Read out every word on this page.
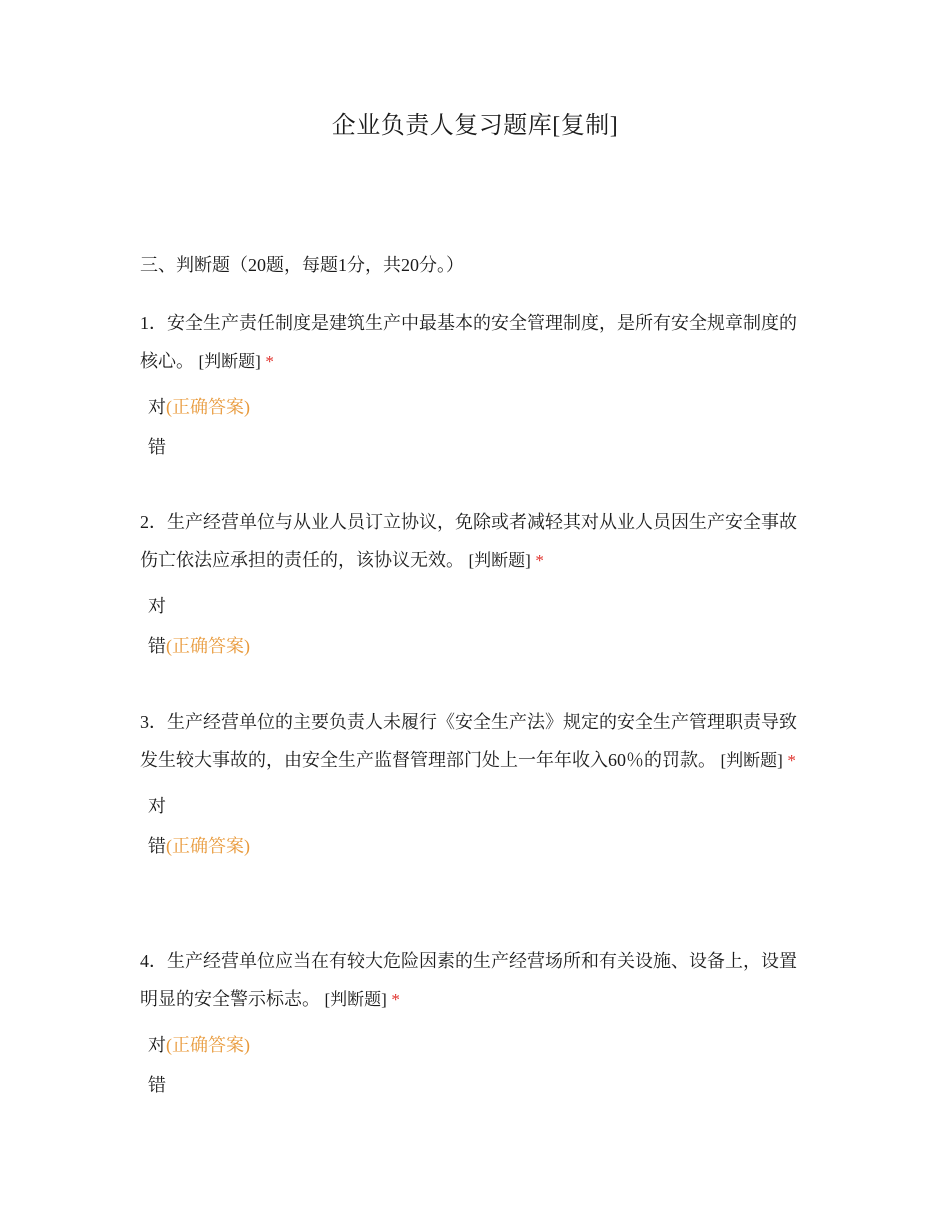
企业负责人复习题库[复制]
三、判断题（20题，每题1分，共20分。）

1．安全生产责任制度是建筑生产中最基本的安全管理制度，是所有安全规章制度的核心。 [判断题] *

对(正确答案)
错

2．生产经营单位与从业人员订立协议，免除或者减轻其对从业人员因生产安全事故伤亡依法应承担的责任的，该协议无效。 [判断题] *

对
错(正确答案)

3．生产经营单位的主要负责人未履行《安全生产法》规定的安全生产管理职责导致发生较大事故的，由安全生产监督管理部门处上一年年收入60％的罚款。 [判断题] *

对
错(正确答案)

4．生产经营单位应当在有较大危险因素的生产经营场所和有关设施、设备上，设置明显的安全警示标志。 [判断题] *

对(正确答案)
错
